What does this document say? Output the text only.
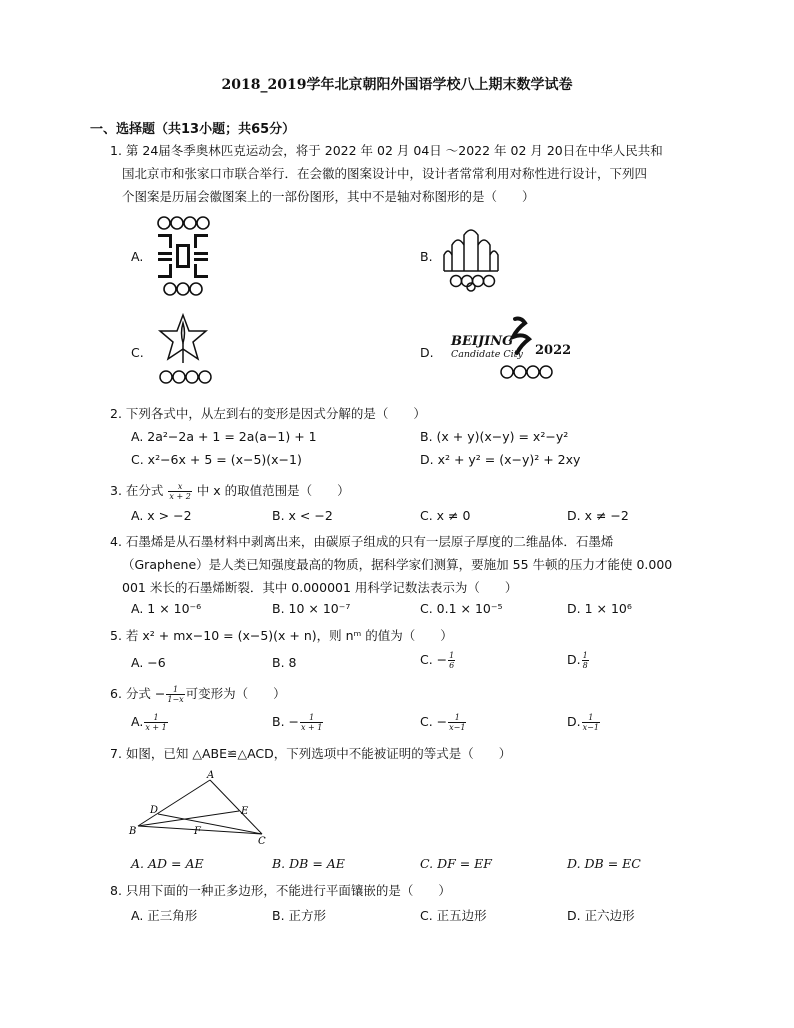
2018_2019学年北京朝阳外国语学校八上期末数学试卷
一、选择题（共13小题；共65分）
1. 第 24届冬季奥林匹克运动会，将于 2022 年 02 月 04日 ～2022 年 02 月 20日在中华人民共和
国北京市和张家口市联合举行．在会徽的图案设计中，设计者常常利用对称性进行设计，下列四
个图案是历届会徽图案上的一部份图形，其中不是轴对称图形的是（　　）
A.	B.
C.	D.
BEIJING
Candidate City 2022
2. 下列各式中，从左到右的变形是因式分解的是（　　）
A. 2a²−2a + 1 = 2a(a−1) + 1	B. (x + y)(x−y) = x²−y²
C. x²−6x + 5 = (x−5)(x−1)	D. x² + y² = (x−y)² + 2xy
3. 在分式 $\frac{x}{x + 2}$ 中 x 的取值范围是（　　）
A. x > −2	B. x < −2	C. x ≠ 0	D. x ≠ −2
4. 石墨烯是从石墨材料中剥离出来，由碳原子组成的只有一层原子厚度的二维晶体．石墨烯
（Graphene）是人类已知强度最高的物质，据科学家们测算，要施加 55 牛顿的压力才能使 0.000
001 米长的石墨烯断裂．其中 0.000001 用科学记数法表示为（　　）
A. 1 × 10⁻⁶	B. 10 × 10⁻⁷	C. 0.1 × 10⁻⁵	D. 1 × 10⁶
5. 若 x² + mx−10 = (x−5)(x + n)，则 nᵐ 的值为（　　）
A. −6	B. 8	C. − $\frac{1}{6}$	D. $\frac{1}{8}$
6. 分式 − $\frac{1}{1-x}$ 可变形为（　　）
A. $\frac{1}{x + 1}$	B. − $\frac{1}{x + 1}$	C. − $\frac{1}{x-1}$	D. $\frac{1}{x-1}$
7. 如图，已知 △ABE≌△ACD，下列选项中不能被证明的等式是（　　）
A
B
C
D	E
F
A. AD = AE	B. DB = AE	C. DF = EF	D. DB = EC
8. 只用下面的一种正多边形，不能进行平面镶嵌的是（　　）
A. 正三角形	B. 正方形	C. 正五边形	D. 正六边形
